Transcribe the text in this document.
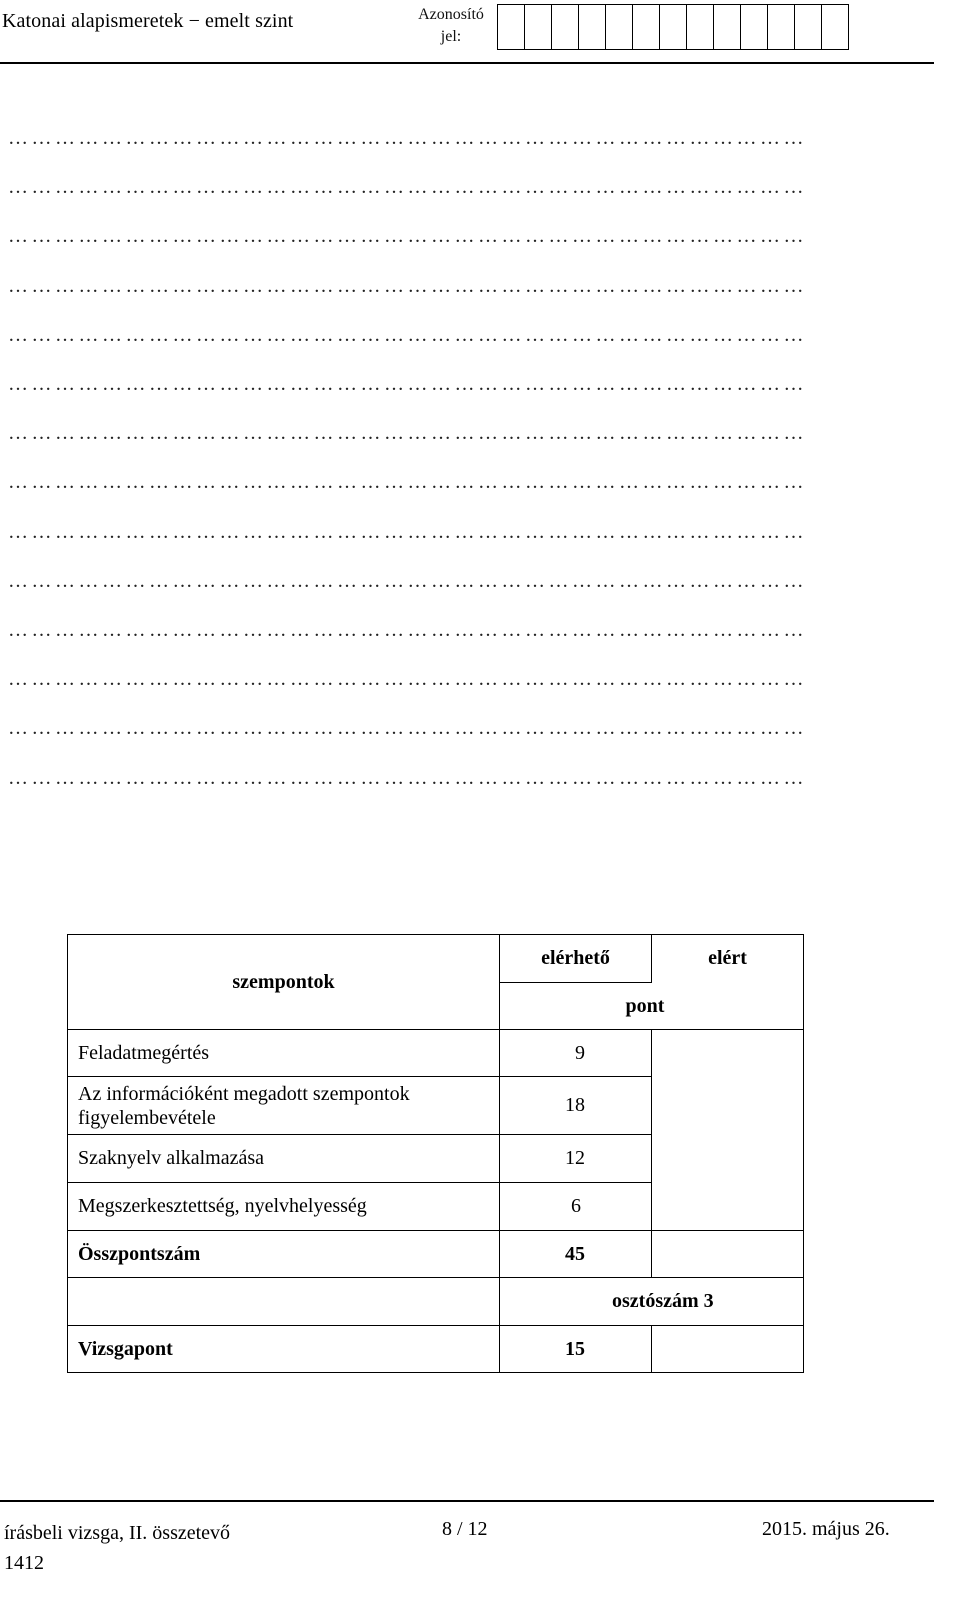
Katonai alapismeretek − emelt szint	Azonosító
jel:
…………………………………………………………………………………………
…………………………………………………………………………………………
…………………………………………………………………………………………
…………………………………………………………………………………………
…………………………………………………………………………………………
…………………………………………………………………………………………
…………………………………………………………………………………………
…………………………………………………………………………………………
…………………………………………………………………………………………
…………………………………………………………………………………………
…………………………………………………………………………………………
…………………………………………………………………………………………
…………………………………………………………………………………………
…………………………………………………………………………………………
szempontok	elérhető	elért

		pont

Feladatmegértés	9	
Az információként megadott szempontok figyelembevétele	18	
Szaknyelv alkalmazása	12	
Megszerkesztettség, nyelvhelyesség	6	
Összpontszám	45	
	osztószám 3	
Vizsgapont	15	
írásbeli vizsga, II. összetevő
1412
8 / 12	2015. május 26.
